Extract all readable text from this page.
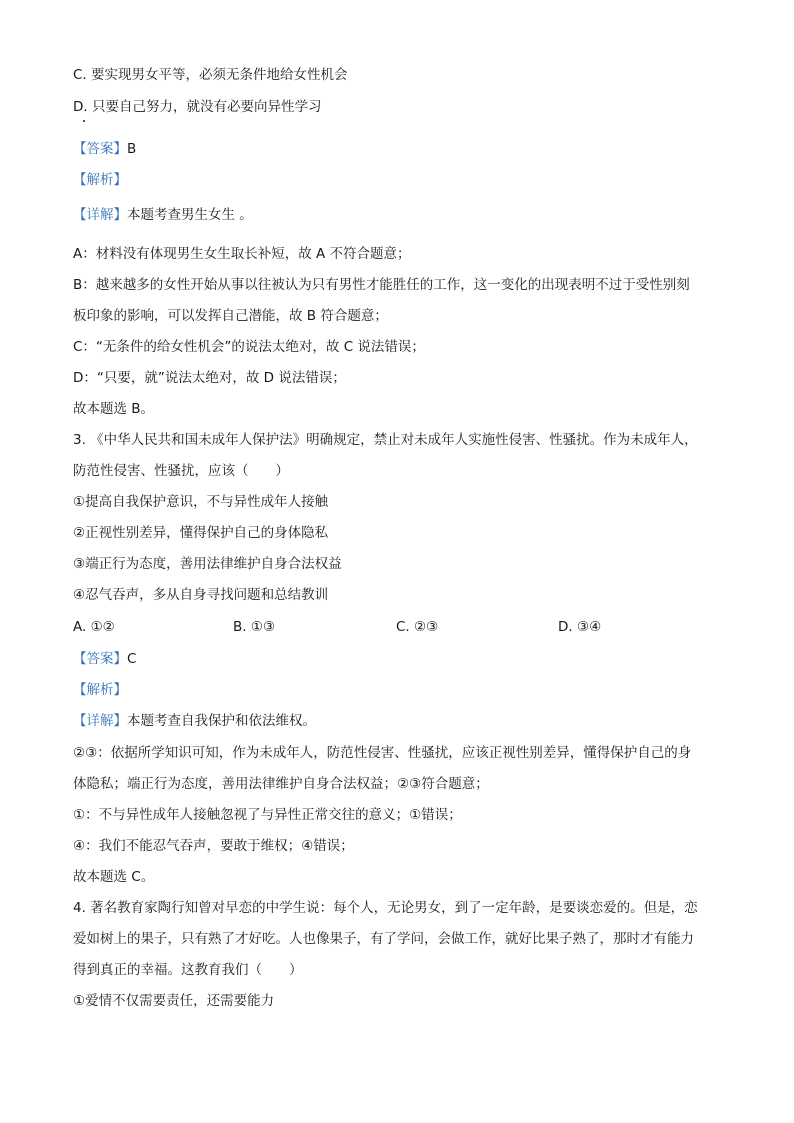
C. 要实现男女平等，必须无条件地给女性机会
D. 只要自己努力，就没有必要向异性学习
【答案】B
【解析】
【详解】本题考查男生女生 。
A：材料没有体现男生女生取长补短，故 A 不符合题意；
B：越来越多的女性开始从事以往被认为只有男性才能胜任的工作，这一变化的出现表明不过于受性别刻
板印象的影响，可以发挥自己潜能，故 B 符合题意；
C：“无条件的给女性机会”的说法太绝对，故 C 说法错误；
D：“只要，就”说法太绝对，故 D 说法错误；
故本题选 B。
3. 《中华人民共和国未成年人保护法》明确规定，禁止对未成年人实施性侵害、性骚扰。作为未成年人，
防范性侵害、性骚扰，应该（　　）
①提高自我保护意识，不与异性成年人接触
②正视性别差异，懂得保护自己的身体隐私
③端正行为态度，善用法律维护自身合法权益
④忍气吞声，多从自身寻找问题和总结教训
A. ①②	B. ①③	C. ②③	D. ③④
【答案】C
【解析】
【详解】本题考查自我保护和依法维权。
②③：依据所学知识可知，作为未成年人，防范性侵害、性骚扰，应该正视性别差异，懂得保护自己的身
体隐私；端正行为态度，善用法律维护自身合法权益；②③符合题意；
①：不与异性成年人接触忽视了与异性正常交往的意义；①错误；
④：我们不能忍气吞声，要敢于维权；④错误；
故本题选 C。
4. 著名教育家陶行知曾对早恋的中学生说：每个人，无论男女，到了一定年龄，是要谈恋爱的。但是，恋
爱如树上的果子，只有熟了才好吃。人也像果子，有了学问，会做工作，就好比果子熟了，那时才有能力
得到真正的幸福。这教育我们（　　）
①爱情不仅需要责任，还需要能力
